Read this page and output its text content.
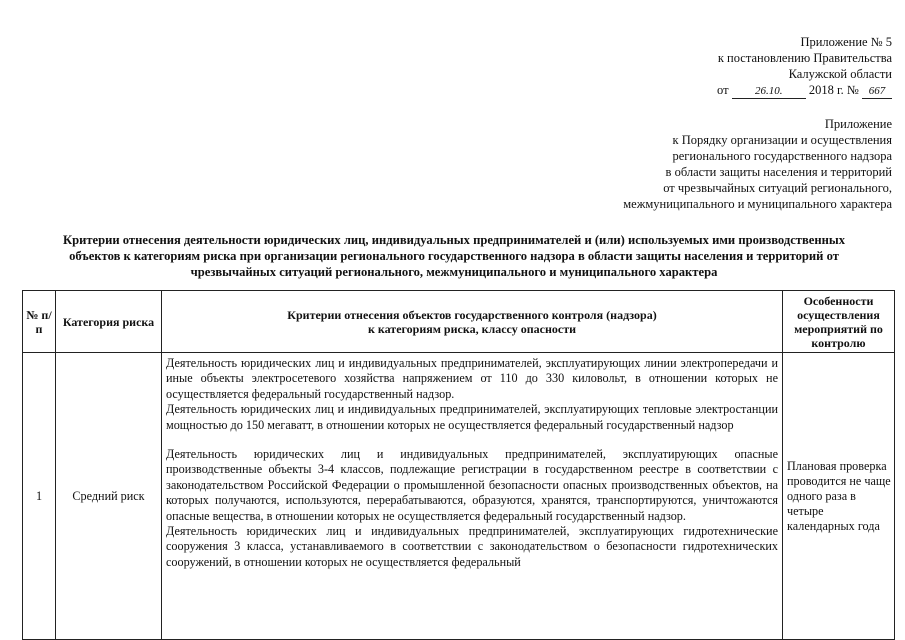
Приложение № 5
к постановлению Правительства
Калужской области
от 26.10. 2018 г. № 667
Приложение
к Порядку организации и осуществления
регионального государственного надзора
в области защиты населения и территорий
от чрезвычайных ситуаций регионального,
межмуниципального и муниципального характера
Критерии отнесения деятельности юридических лиц, индивидуальных предпринимателей и (или) используемых ими производственных
объектов к категориям риска при организации регионального государственного надзора в области защиты населения и территорий от
чрезвычайных ситуаций регионального, межмуниципального и муниципального характера
№ п/п	Категория риска	Критерии отнесения объектов государственного контроля (надзора)
к категориям риска, классу опасности	Особенности осуществления мероприятий по контролю
1	Средний риск	Деятельность юридических лиц и индивидуальных предпринимателей, эксплуатирующих линии электропередачи и иные объекты электросетевого хозяйства напряжением от 110 до 330 киловольт, в отношении которых не осуществляется федеральный государственный надзор.

Деятельность юридических лиц и индивидуальных предпринимателей, эксплуатирующих тепловые электростанции мощностью до 150 мегаватт, в отношении которых не осуществляется федеральный государственный надзор

Деятельность юридических лиц и индивидуальных предпринимателей, эксплуатирующих опасные производственные объекты 3-4 классов, подлежащие регистрации в государственном реестре в соответствии с законодательством Российской Федерации о промышленной безопасности опасных производственных объектов, на которых получаются, используются, перерабатываются, образуются, хранятся, транспортируются, уничтожаются опасные вещества, в отношении которых не осуществляется федеральный государственный надзор.

Деятельность юридических лиц и индивидуальных предпринимателей, эксплуатирующих гидротехнические сооружения 3 класса, устанавливаемого в соответствии с законодательством о безопасности гидротехнических сооружений, в отношении которых не осуществляется федеральный	Плановая проверка проводится не чаще одного раза в четыре календарных года
